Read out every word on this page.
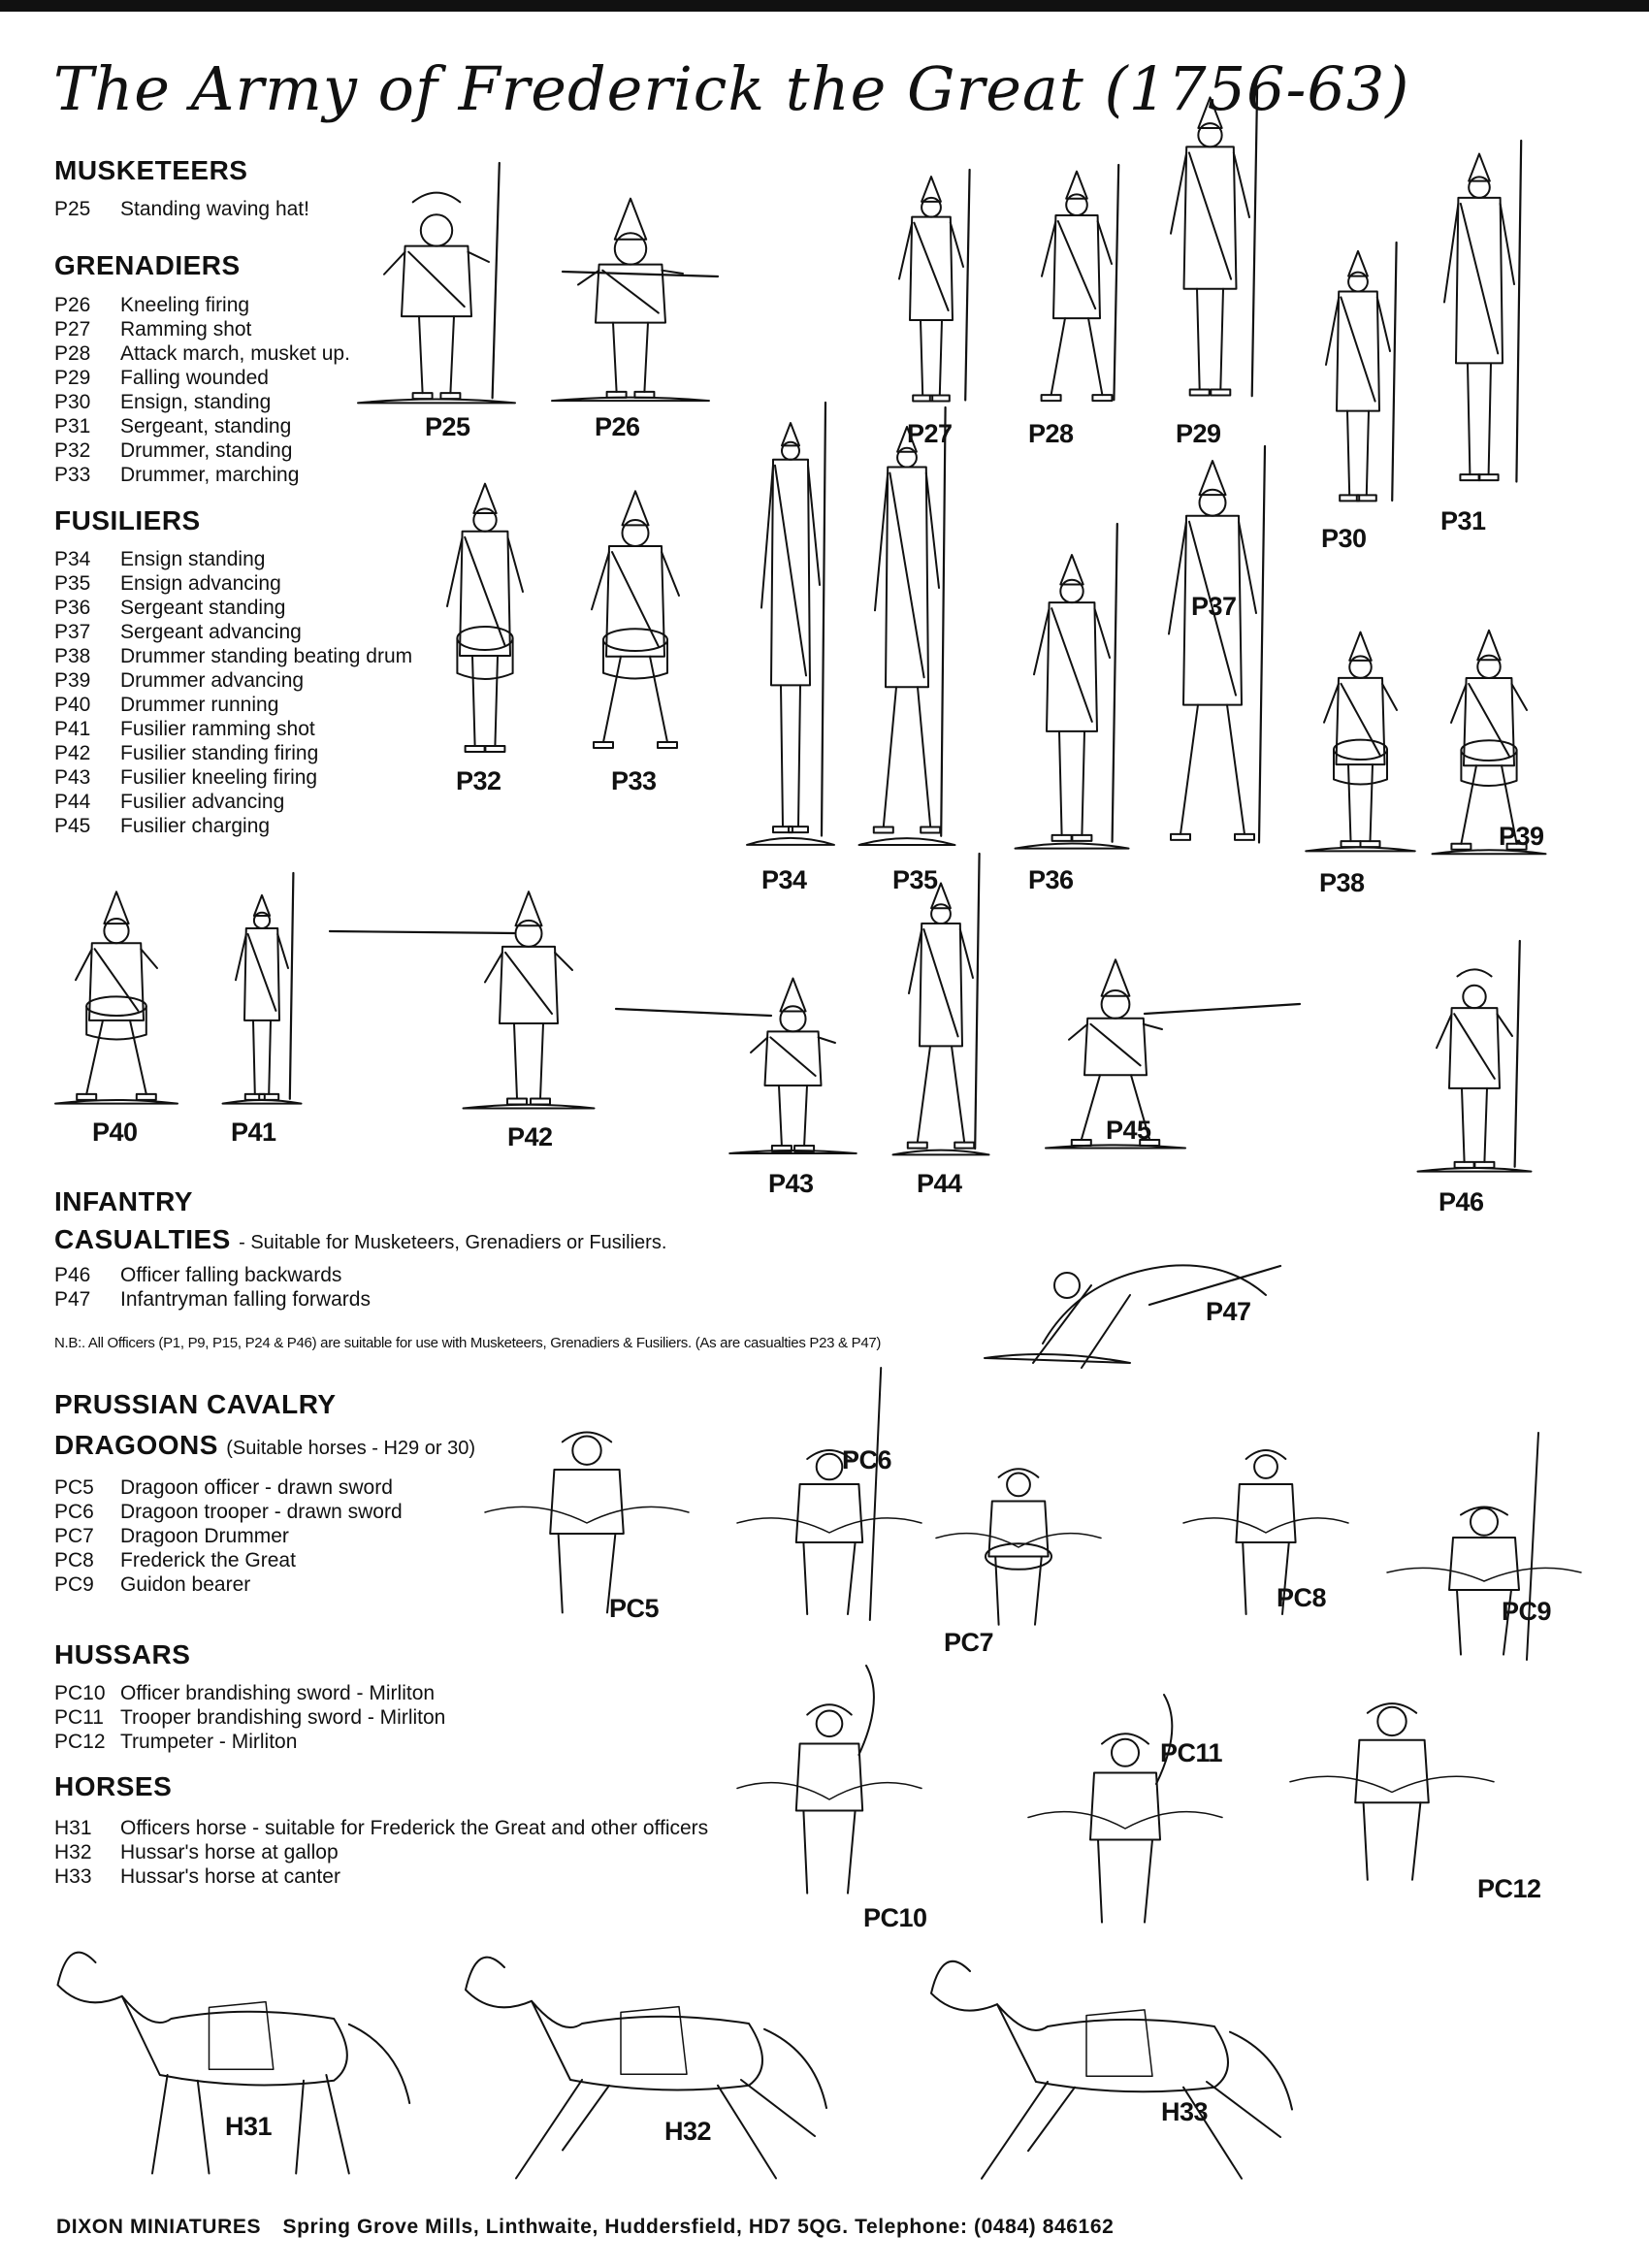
The Army of Frederick the Great (1756-63)
MUSKETEERS
P25	Standing waving hat!
GRENADIERS
P26	Kneeling firing
P27	Ramming shot
P28	Attack march, musket up.
P29	Falling wounded
P30	Ensign, standing
P31	Sergeant, standing
P32	Drummer, standing
P33	Drummer, marching
FUSILIERS
P34	Ensign standing
P35	Ensign advancing
P36	Sergeant standing
P37	Sergeant advancing
P38	Drummer standing beating drum
P39	Drummer advancing
P40	Drummer running
P41	Fusilier ramming shot
P42	Fusilier standing firing
P43	Fusilier kneeling firing
P44	Fusilier advancing
P45	Fusilier charging
INFANTRY
CASUALTIES - Suitable for Musketeers, Grenadiers or Fusiliers.
P46	Officer falling backwards
P47	Infantryman falling forwards
N.B:. All Officers (P1, P9, P15, P24 & P46) are suitable for use with Musketeers, Grenadiers & Fusiliers. (As are casualties P23 & P47)
PRUSSIAN CAVALRY
DRAGOONS (Suitable horses - H29 or 30)
PC5	Dragoon officer - drawn sword
PC6	Dragoon trooper - drawn sword
PC7	Dragoon Drummer
PC8	Frederick the Great
PC9	Guidon bearer
HUSSARS
PC10 Officer brandishing sword - Mirliton
PC11 Trooper brandishing sword - Mirliton
PC12 Trumpeter - Mirliton
HORSES
H31	Officers horse - suitable for Frederick the Great and other officers
H32	Hussar's horse at gallop
H33	Hussar's horse at canter
P25	P26	P27	P28	P29
P30
P31
P32	P33
P34	P35	P36
P37
P38
P39
P40	P41	P42
P43	P44
P45
P46
P47
PC5
PC6
PC7
PC8	PC9
PC10
PC11
PC12
H31	H32
H33
DIXON MINIATURES Spring Grove Mills, Linthwaite, Huddersfield, HD7 5QG. Telephone: (0484) 846162
